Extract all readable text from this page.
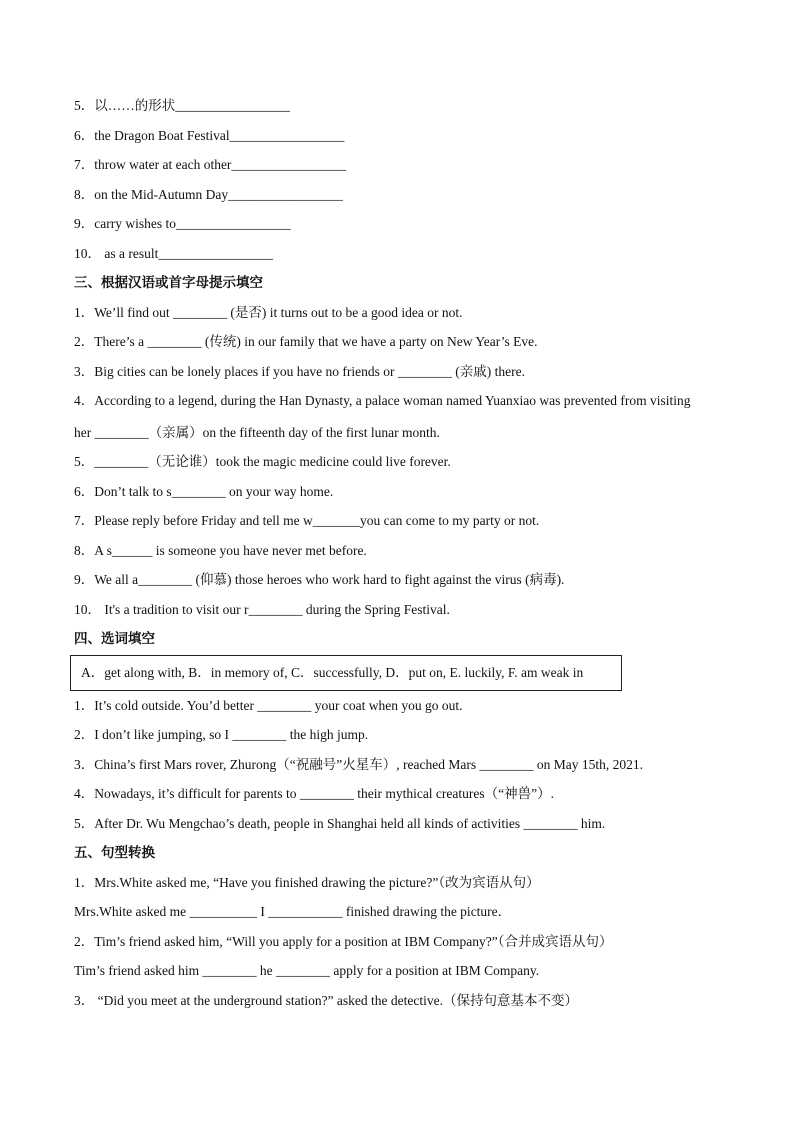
5．以……的形状_________________
6．the Dragon Boat Festival_________________
7．throw water at each other_________________
8．on the Mid-Autumn Day_________________
9．carry wishes to_________________
10． as a result_________________
三、根据汉语或首字母提示填空
1．We’ll find out ________ (是否) it turns out to be a good idea or not.
2．There’s a ________ (传统) in our family that we have a party on New Year’s Eve.
3．Big cities can be lonely places if you have no friends or ________ (亲戚) there.
4．According to a legend, during the Han Dynasty, a palace woman named Yuanxiao was prevented from visiting
her ________（亲属）on the fifteenth day of the first lunar month.
5．________（无论谁）took the magic medicine could live forever.
6．Don’t talk to s________ on your way home.
7．Please reply before Friday and tell me w_______you can come to my party or not.
8．A s______ is someone you have never met before.
9．We all a________ (仰慕) those heroes who work hard to fight against the virus (病毒).
10． It's a tradition to visit our r________ during the Spring Festival.
四、选词填空
A．get along with, B．in memory of, C．successfully, D．put on, E. luckily, F. am weak in
1．It’s cold outside. You’d better ________ your coat when you go out.
2．I don’t like jumping, so I ________ the high jump.
3．China’s first Mars rover, Zhurong（“祝融号”火星车）, reached Mars ________ on May 15th, 2021.
4．Nowadays, it’s difficult for parents to ________ their mythical creatures（“神兽”）.
5．After Dr. Wu Mengchao’s death, people in Shanghai held all kinds of activities ________ him.
五、句型转换
1．Mrs.White asked me, “Have you finished drawing the picture?”（改为宾语从句）
Mrs.White asked me __________ I ___________ finished drawing the picture．
2．Tim’s friend asked him, “Will you apply for a position at IBM Company?”（合并成宾语从句）
Tim’s friend asked him ________ he ________ apply for a position at IBM Company.
3． “Did you meet at the underground station?” asked the detective.（保持句意基本不变）
